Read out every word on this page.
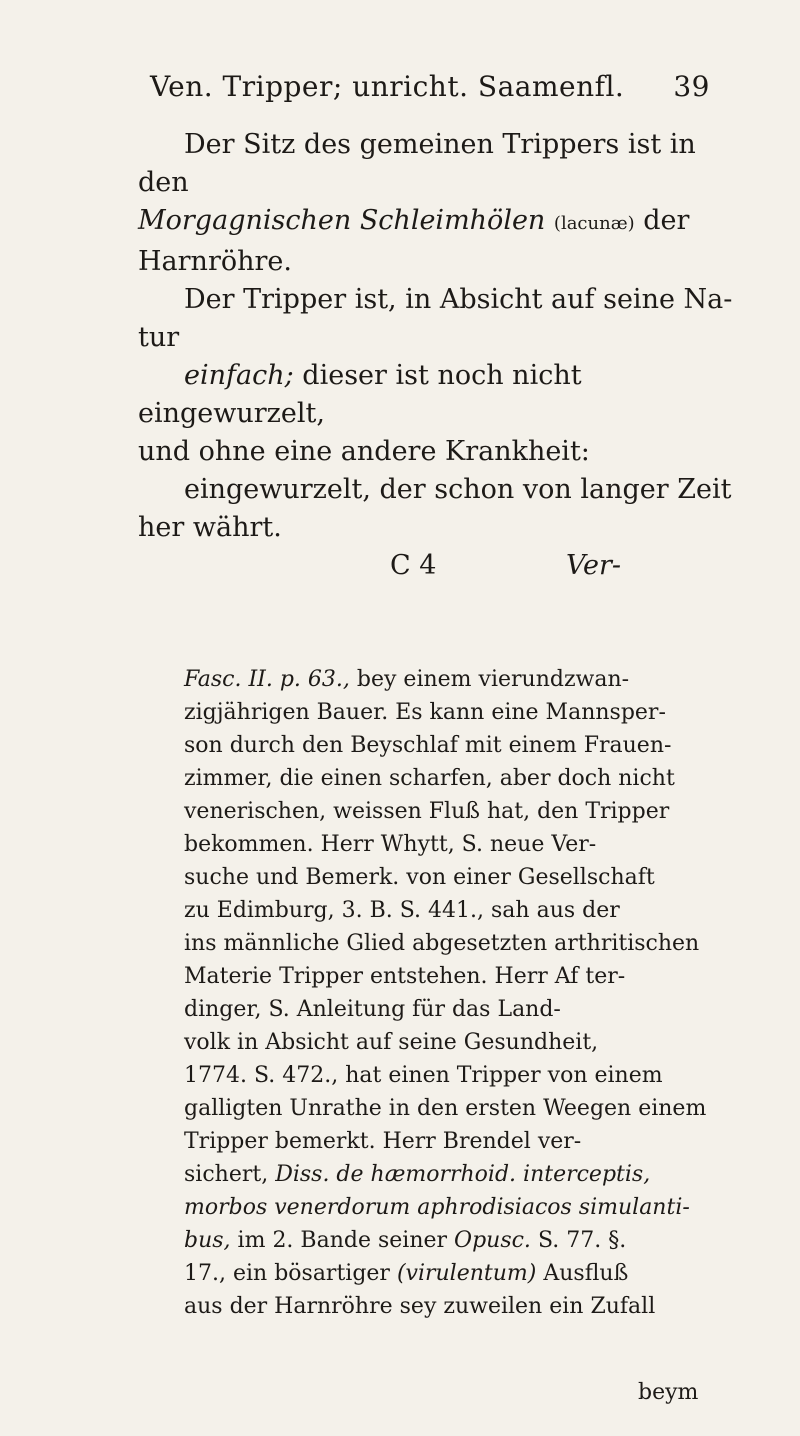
Ven. Tripper; unricht. Saamenfl. 39

Der Sitz des gemeinen Trippers ist in den

Morgagnischen Schleimhölen (lacunæ) der

Harnröhre.

Der Tripper ist, in Absicht auf seine Na-

tur

einfach; dieser ist noch nicht eingewurzelt,

und ohne eine andere Krankheit:

eingewurzelt, der schon von langer Zeit

her währt.

C 4	Ver-
Fasc. II. p. 63., bey einem vierundzwan-
zigjährigen Bauer. Es kann eine Mannsper-
son durch den Beyschlaf mit einem Frauen-
zimmer, die einen scharfen, aber doch nicht
venerischen, weissen Fluß hat, den Tripper
bekommen. Herr Whytt, S. neue Ver-
suche und Bemerk. von einer Gesellschaft
zu Edimburg, 3. B. S. 441., sah aus der
ins männliche Glied abgesetzten arthritischen
Materie Tripper entstehen. Herr Af ter-
dinger, S. Anleitung für das Land-
volk in Absicht auf seine Gesundheit,
1774. S. 472., hat einen Tripper von einem
galligten Unrathe in den ersten Weegen einem
Tripper bemerkt. Herr Brendel ver-
sichert, Diss. de hæmorrhoid. interceptis,
morbos venerdorum aphrodisiacos simulanti-
bus, im 2. Bande seiner Opusc. S. 77. §.
17., ein bösartiger (virulentum) Ausfluß
aus der Harnröhre sey zuweilen ein Zufall
beym
